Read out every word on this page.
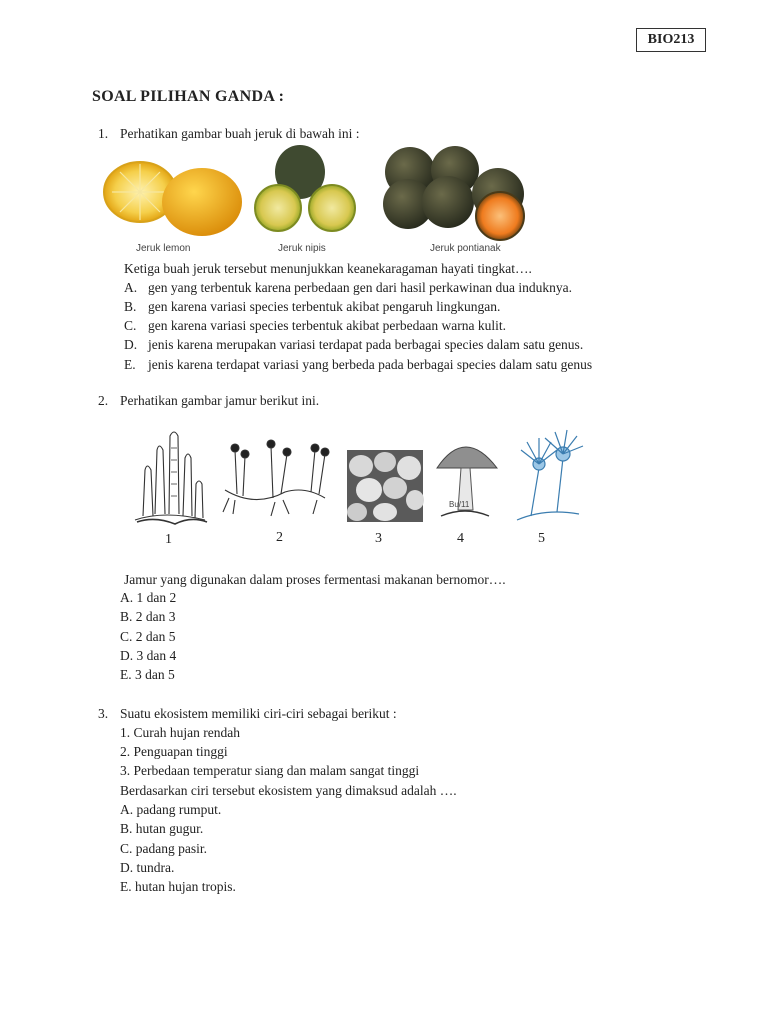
BIO213
SOAL PILIHAN GANDA :
1. Perhatikan gambar buah jeruk di bawah ini :
Jeruk lemon	Jeruk nipis	Jeruk pontianak
Ketiga buah jeruk tersebut menunjukkan keanekaragaman hayati tingkat….
A. gen yang terbentuk karena perbedaan gen dari hasil perkawinan dua induknya.
B. gen karena variasi species terbentuk akibat pengaruh lingkungan.
C. gen karena variasi species terbentuk akibat perbedaan warna kulit.
D. jenis karena merupakan variasi terdapat pada berbagai species dalam satu genus.
E. jenis karena terdapat variasi yang berbeda pada berbagai species dalam satu genus
2. Perhatikan gambar jamur berikut ini.
Bu/11
1	2	3	4	5
Jamur yang digunakan dalam proses fermentasi makanan bernomor….
A. 1 dan 2
B. 2 dan 3
C. 2 dan 5
D. 3 dan 4
E. 3 dan 5
3. Suatu ekosistem memiliki ciri-ciri sebagai berikut :
1. Curah hujan rendah
2. Penguapan tinggi
3. Perbedaan temperatur siang dan malam sangat tinggi
Berdasarkan ciri tersebut ekosistem yang dimaksud adalah ….
A. padang rumput.
B. hutan gugur.
C. padang pasir.
D. tundra.
E. hutan hujan tropis.
